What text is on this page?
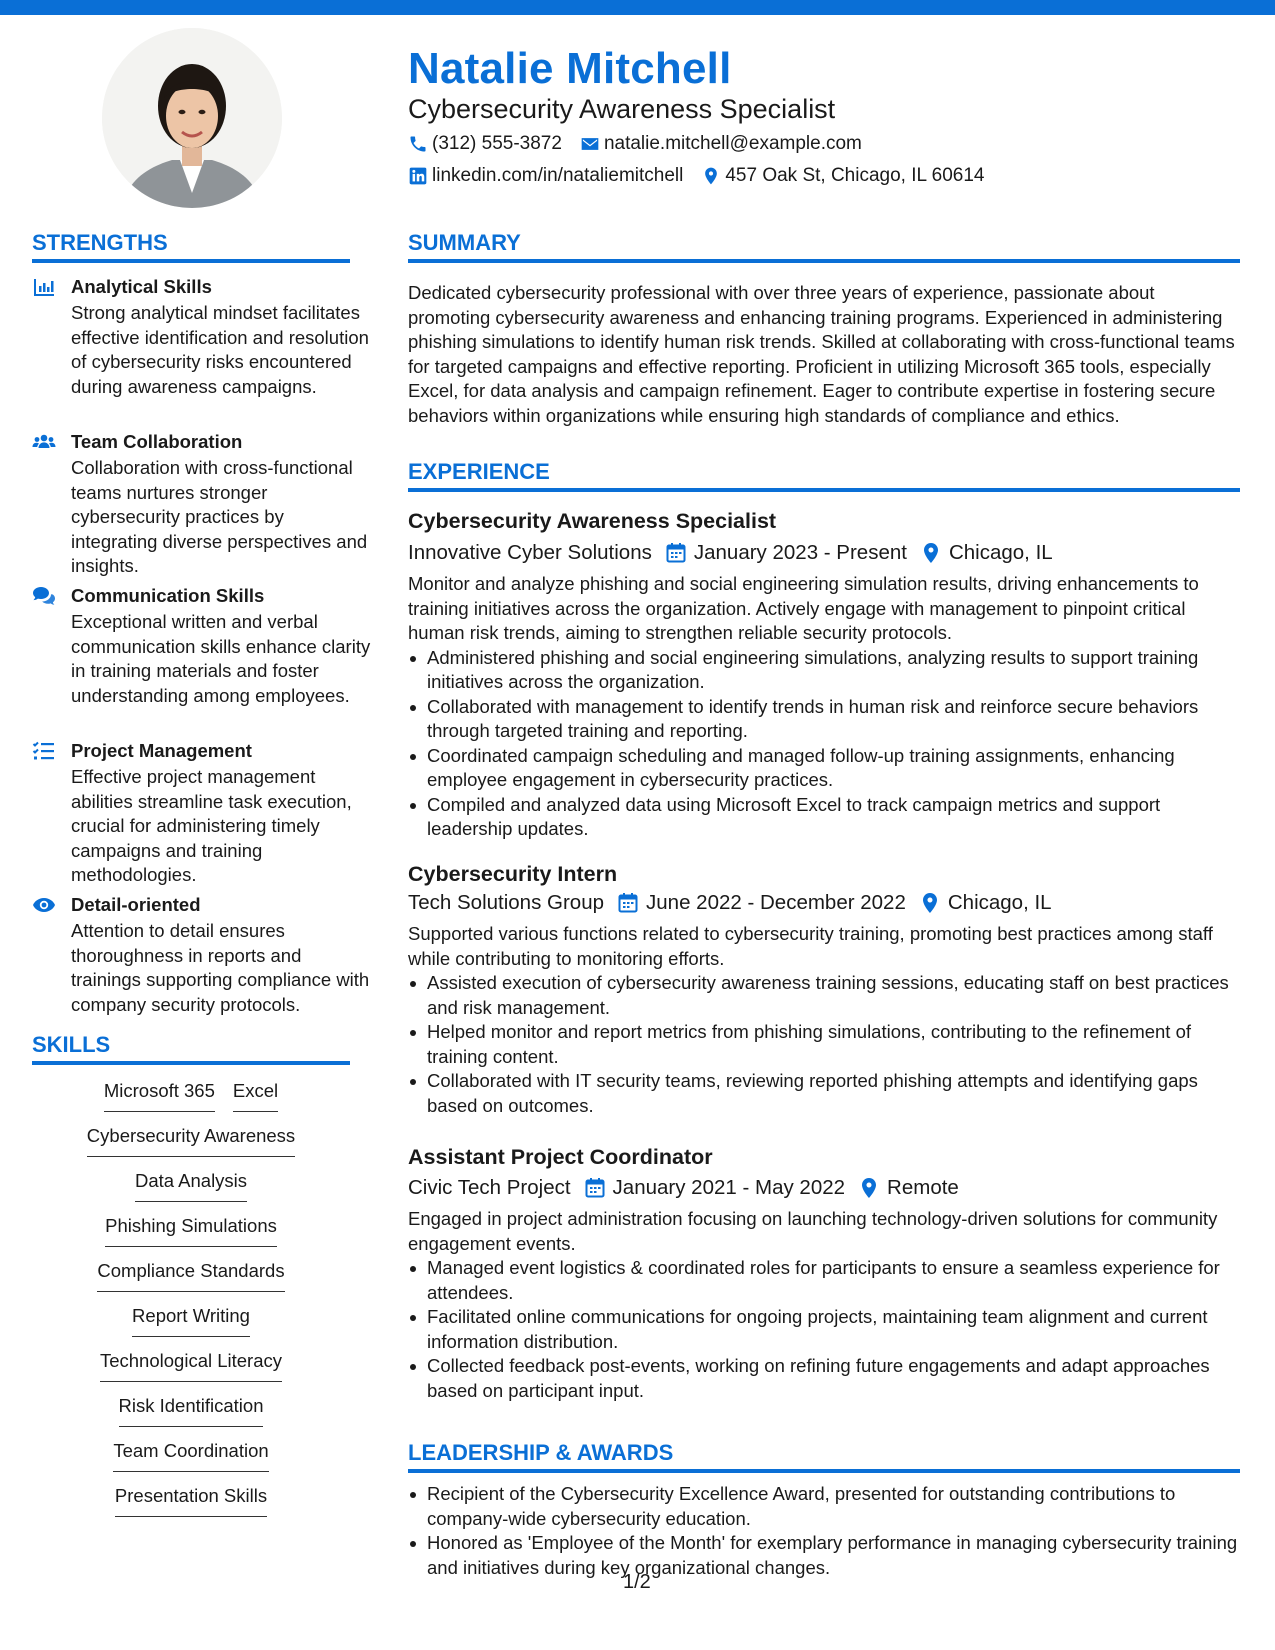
Natalie Mitchell
Cybersecurity Awareness Specialist
(312) 555-3872 natalie.mitchell@example.com
linkedin.com/in/nataliemitchell 457 Oak St, Chicago, IL 60614
STRENGTHS
Analytical Skills
Strong analytical mindset facilitates effective identification and resolution of cybersecurity risks encountered during awareness campaigns.
Team Collaboration
Collaboration with cross-functional teams nurtures stronger cybersecurity practices by integrating diverse perspectives and insights.
Communication Skills
Exceptional written and verbal communication skills enhance clarity in training materials and foster understanding among employees.
Project Management
Effective project management abilities streamline task execution, crucial for administering timely campaigns and training methodologies.
Detail-oriented
Attention to detail ensures thoroughness in reports and trainings supporting compliance with company security protocols.
SKILLS
Microsoft 365 Excel
Cybersecurity Awareness
Data Analysis
Phishing Simulations
Compliance Standards
Report Writing
Technological Literacy
Risk Identification
Team Coordination
Presentation Skills
SUMMARY
Dedicated cybersecurity professional with over three years of experience, passionate about promoting cybersecurity awareness and enhancing training programs. Experienced in administering phishing simulations to identify human risk trends. Skilled at collaborating with cross-functional teams for targeted campaigns and effective reporting. Proficient in utilizing Microsoft 365 tools, especially Excel, for data analysis and campaign refinement. Eager to contribute expertise in fostering secure behaviors within organizations while ensuring high standards of compliance and ethics.
EXPERIENCE
Cybersecurity Awareness Specialist
Innovative Cyber Solutions January 2023 - Present Chicago, IL
Monitor and analyze phishing and social engineering simulation results, driving enhancements to training initiatives across the organization. Actively engage with management to pinpoint critical human risk trends, aiming to strengthen reliable security protocols.
Administered phishing and social engineering simulations, analyzing results to support training initiatives across the organization.
Collaborated with management to identify trends in human risk and reinforce secure behaviors through targeted training and reporting.
Coordinated campaign scheduling and managed follow-up training assignments, enhancing employee engagement in cybersecurity practices.
Compiled and analyzed data using Microsoft Excel to track campaign metrics and support leadership updates.
Cybersecurity Intern
Tech Solutions Group June 2022 - December 2022 Chicago, IL
Supported various functions related to cybersecurity training, promoting best practices among staff while contributing to monitoring efforts.
Assisted execution of cybersecurity awareness training sessions, educating staff on best practices and risk management.
Helped monitor and report metrics from phishing simulations, contributing to the refinement of training content.
Collaborated with IT security teams, reviewing reported phishing attempts and identifying gaps based on outcomes.
Assistant Project Coordinator
Civic Tech Project January 2021 - May 2022 Remote
Engaged in project administration focusing on launching technology-driven solutions for community engagement events.
Managed event logistics & coordinated roles for participants to ensure a seamless experience for attendees.
Facilitated online communications for ongoing projects, maintaining team alignment and current information distribution.
Collected feedback post-events, working on refining future engagements and adapt approaches based on participant input.
LEADERSHIP & AWARDS
Recipient of the Cybersecurity Excellence Award, presented for outstanding contributions to company-wide cybersecurity education.
Honored as 'Employee of the Month' for exemplary performance in managing cybersecurity training and initiatives during key organizational changes.
1/2
